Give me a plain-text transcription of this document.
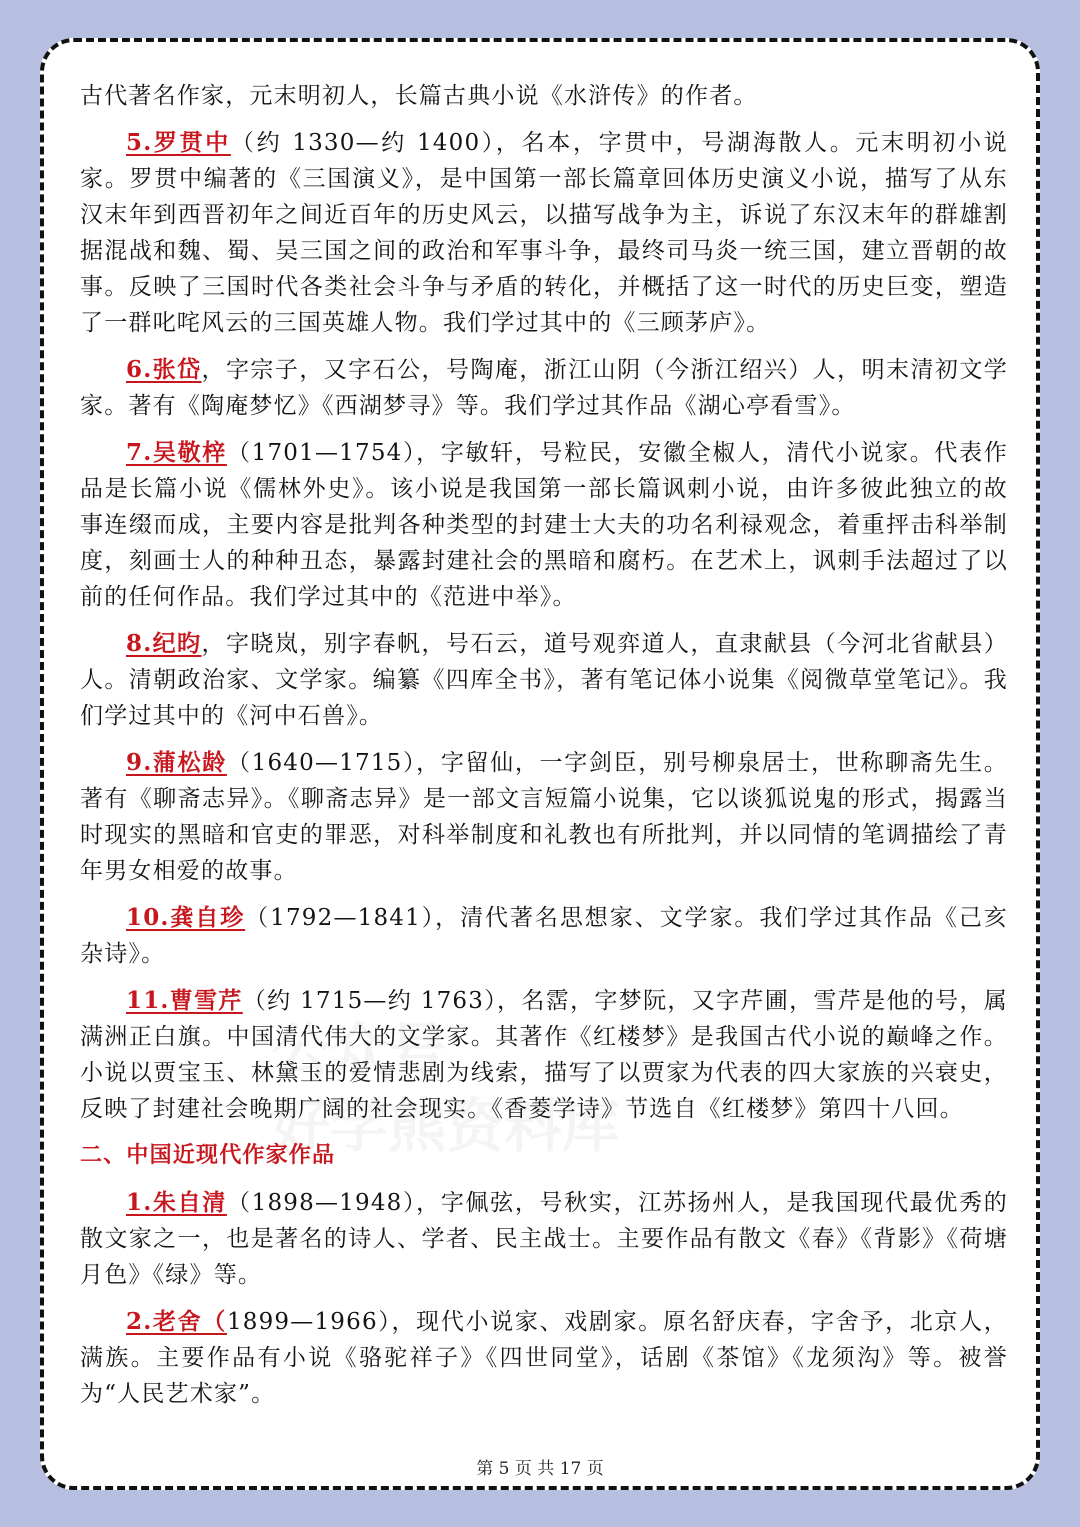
古代著名作家，元末明初人，长篇古典小说《水浒传》的作者。

5.罗贯中（约 1330—约 1400），名本，字贯中，号湖海散人。元末明初小说家。罗贯中编著的《三国演义》，是中国第一部长篇章回体历史演义小说，描写了从东汉末年到西晋初年之间近百年的历史风云，以描写战争为主，诉说了东汉末年的群雄割据混战和魏、蜀、吴三国之间的政治和军事斗争，最终司马炎一统三国，建立晋朝的故事。反映了三国时代各类社会斗争与矛盾的转化，并概括了这一时代的历史巨变，塑造了一群叱咤风云的三国英雄人物。我们学过其中的《三顾茅庐》。

6.张岱，字宗子，又字石公，号陶庵，浙江山阴（今浙江绍兴）人，明末清初文学家。著有《陶庵梦忆》《西湖梦寻》等。我们学过其作品《湖心亭看雪》。

7.吴敬梓（1701—1754），字敏轩，号粒民，安徽全椒人，清代小说家。代表作品是长篇小说《儒林外史》。该小说是我国第一部长篇讽刺小说，由许多彼此独立的故事连缀而成，主要内容是批判各种类型的封建士大夫的功名利禄观念，着重抨击科举制度，刻画士人的种种丑态，暴露封建社会的黑暗和腐朽。在艺术上，讽刺手法超过了以前的任何作品。我们学过其中的《范进中举》。

8.纪昀，字晓岚，别字春帆，号石云，道号观弈道人，直隶献县（今河北省献县）人。清朝政治家、文学家。编纂《四库全书》，著有笔记体小说集《阅微草堂笔记》。我们学过其中的《河中石兽》。

9.蒲松龄（1640—1715），字留仙，一字剑臣，别号柳泉居士，世称聊斋先生。著有《聊斋志异》。《聊斋志异》是一部文言短篇小说集，它以谈狐说鬼的形式，揭露当时现实的黑暗和官吏的罪恶，对科举制度和礼教也有所批判，并以同情的笔调描绘了青年男女相爱的故事。

10.龚自珍（1792—1841），清代著名思想家、文学家。我们学过其作品《己亥杂诗》。

11.曹雪芹（约 1715—约 1763），名霑，字梦阮，又字芹圃，雪芹是他的号，属满洲正白旗。中国清代伟大的文学家。其著作《红楼梦》是我国古代小说的巅峰之作。小说以贾宝玉、林黛玉的爱情悲剧为线索，描写了以贾家为代表的四大家族的兴衰史，反映了封建社会晚期广阔的社会现实。《香菱学诗》节选自《红楼梦》第四十八回。

二、中国近现代作家作品

1.朱自清（1898—1948），字佩弦，号秋实，江苏扬州人，是我国现代最优秀的散文家之一，也是著名的诗人、学者、民主战士。主要作品有散文《春》《背影》《荷塘月色》《绿》等。

2.老舍（1899—1966），现代小说家、戏剧家。原名舒庆春，字舍予，北京人，满族。主要作品有小说《骆驼祥子》《四世同堂》，话剧《茶馆》《龙须沟》等。被誉为“人民艺术家”。

第 5 页 共 17 页
